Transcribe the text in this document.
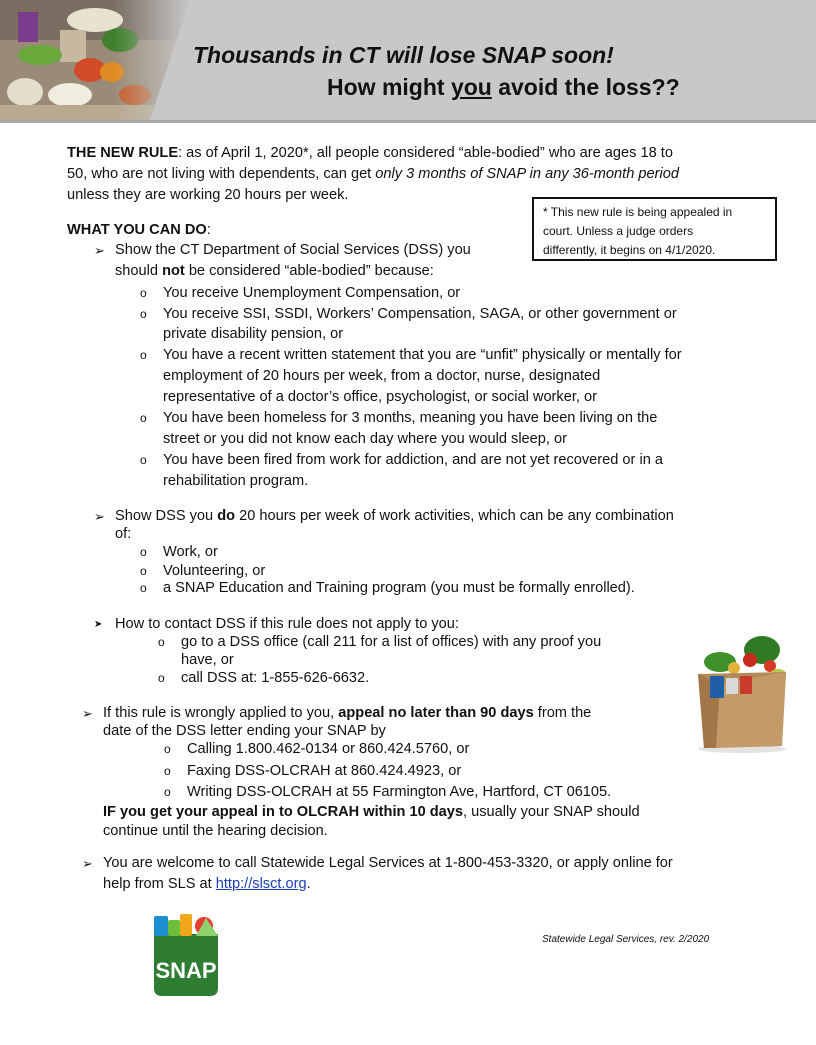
Thousands in CT will lose SNAP soon!
How might you avoid the loss??
THE NEW RULE: as of April 1, 2020*, all people considered “able-bodied” who are ages 18 to
50, who are not living with dependents, can get only 3 months of SNAP in any 36-month period
unless they are working 20 hours per week.
* This new rule is being appealed in
court. Unless a judge orders
differently, it begins on 4/1/2020.
WHAT YOU CAN DO:
➢ Show the CT Department of Social Services (DSS) you
should not be considered “able-bodied” because:
o You receive Unemployment Compensation, or
o You receive SSI, SSDI, Workers’ Compensation, SAGA, or other government or
private disability pension, or
o You have a recent written statement that you are “unfit” physically or mentally for
employment of 20 hours per week, from a doctor, nurse, designated
representative of a doctor’s office, psychologist, or social worker, or
o You have been homeless for 3 months, meaning you have been living on the
street or you did not know each day where you would sleep, or
o You have been fired from work for addiction, and are not yet recovered or in a
rehabilitation program.
➢ Show DSS you do 20 hours per week of work activities, which can be any combination
of:
o Work, or
o Volunteering, or
o a SNAP Education and Training program (you must be formally enrolled).
➤ How to contact DSS if this rule does not apply to you:
o go to a DSS office (call 211 for a list of offices) with any proof you
have, or
o call DSS at: 1-855-626-6632.
➢ If this rule is wrongly applied to you, appeal no later than 90 days from the
date of the DSS letter ending your SNAP by
o Calling 1.800.462-0134 or 860.424.5760, or
o Faxing DSS-OLCRAH at 860.424.4923, or
o Writing DSS-OLCRAH at 55 Farmington Ave, Hartford, CT 06105.
IF you get your appeal in to OLCRAH within 10 days, usually your SNAP should
continue until the hearing decision.
➢ You are welcome to call Statewide Legal Services at 1-800-453-3320, or apply online for
help from SLS at http://slsct.org.
SNAP
Statewide Legal Services, rev. 2/2020
